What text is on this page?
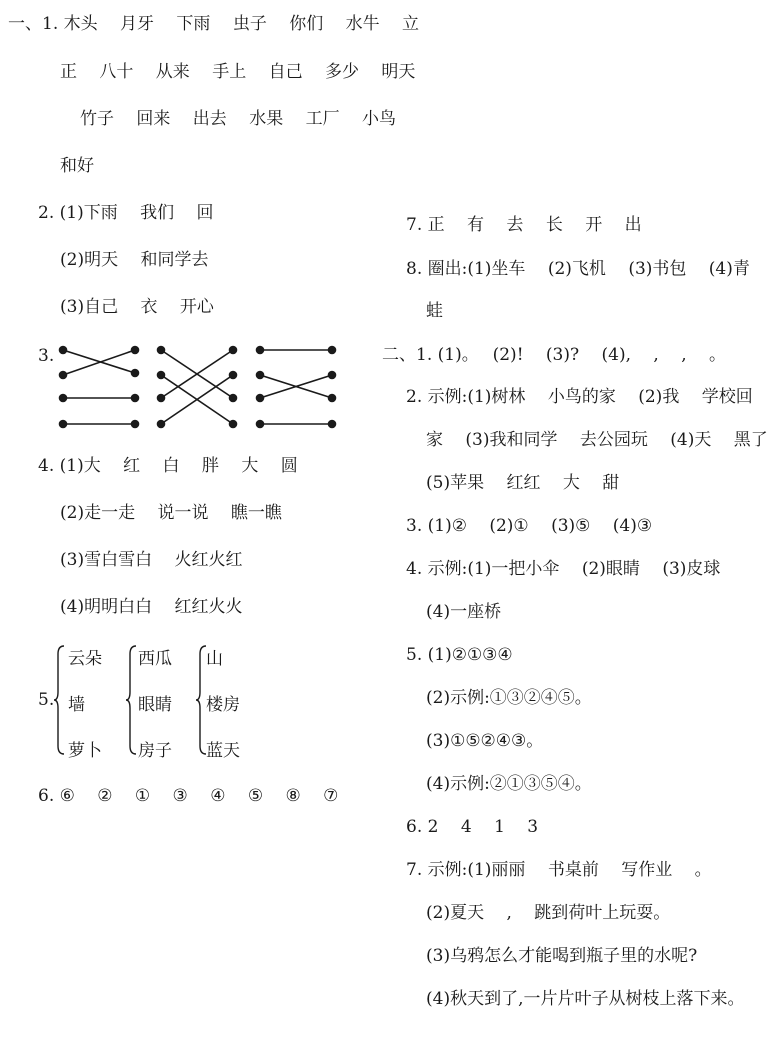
一、1. 木头　 月牙　 下雨　 虫子　 你们　 水牛　 立
正　 八十　 从来　 手上　 自己　 多少　 明天
竹子　 回来　 出去　 水果　 工厂　 小鸟
和好
2. (1)下雨　 我们　 回
(2)明天　 和同学去
(3)自己　 衣　 开心
3.
4. (1)大　 红　 白　 胖　 大　 圆
(2)走一走　 说一说　 瞧一瞧
(3)雪白雪白　 火红火红
(4)明明白白　 红红火火
5.
云朵
墙
萝卜
西瓜
眼睛
房子
山
楼房
蓝天
6. ⑥　 ②　 ①　 ③　 ④　 ⑤　 ⑧　 ⑦
7. 正　 有　 去　 长　 开　 出
8. 圈出:(1)坐车　 (2)飞机　 (3)书包　 (4)青
蛙
二、1. (1)。　 (2)!　 (3)?　 (4),　 ,　 ,　 。
2. 示例:(1)树林　 小鸟的家　 (2)我　 学校回
家　 (3)我和同学　 去公园玩　 (4)天　 黑了
(5)苹果　 红红　 大　 甜
3. (1)②　 (2)①　 (3)⑤　 (4)③
4. 示例:(1)一把小伞　 (2)眼睛　 (3)皮球
(4)一座桥
5. (1)②①③④
(2)示例:①③②④⑤。
(3)①⑤②④③。
(4)示例:②①③⑤④。
6. 2　 4　 1　 3
7. 示例:(1)丽丽　 书桌前　 写作业　 。
(2)夏天　 ,　 跳到荷叶上玩耍。
(3)乌鸦怎么才能喝到瓶子里的水呢?
(4)秋天到了,一片片叶子从树枝上落下来。
